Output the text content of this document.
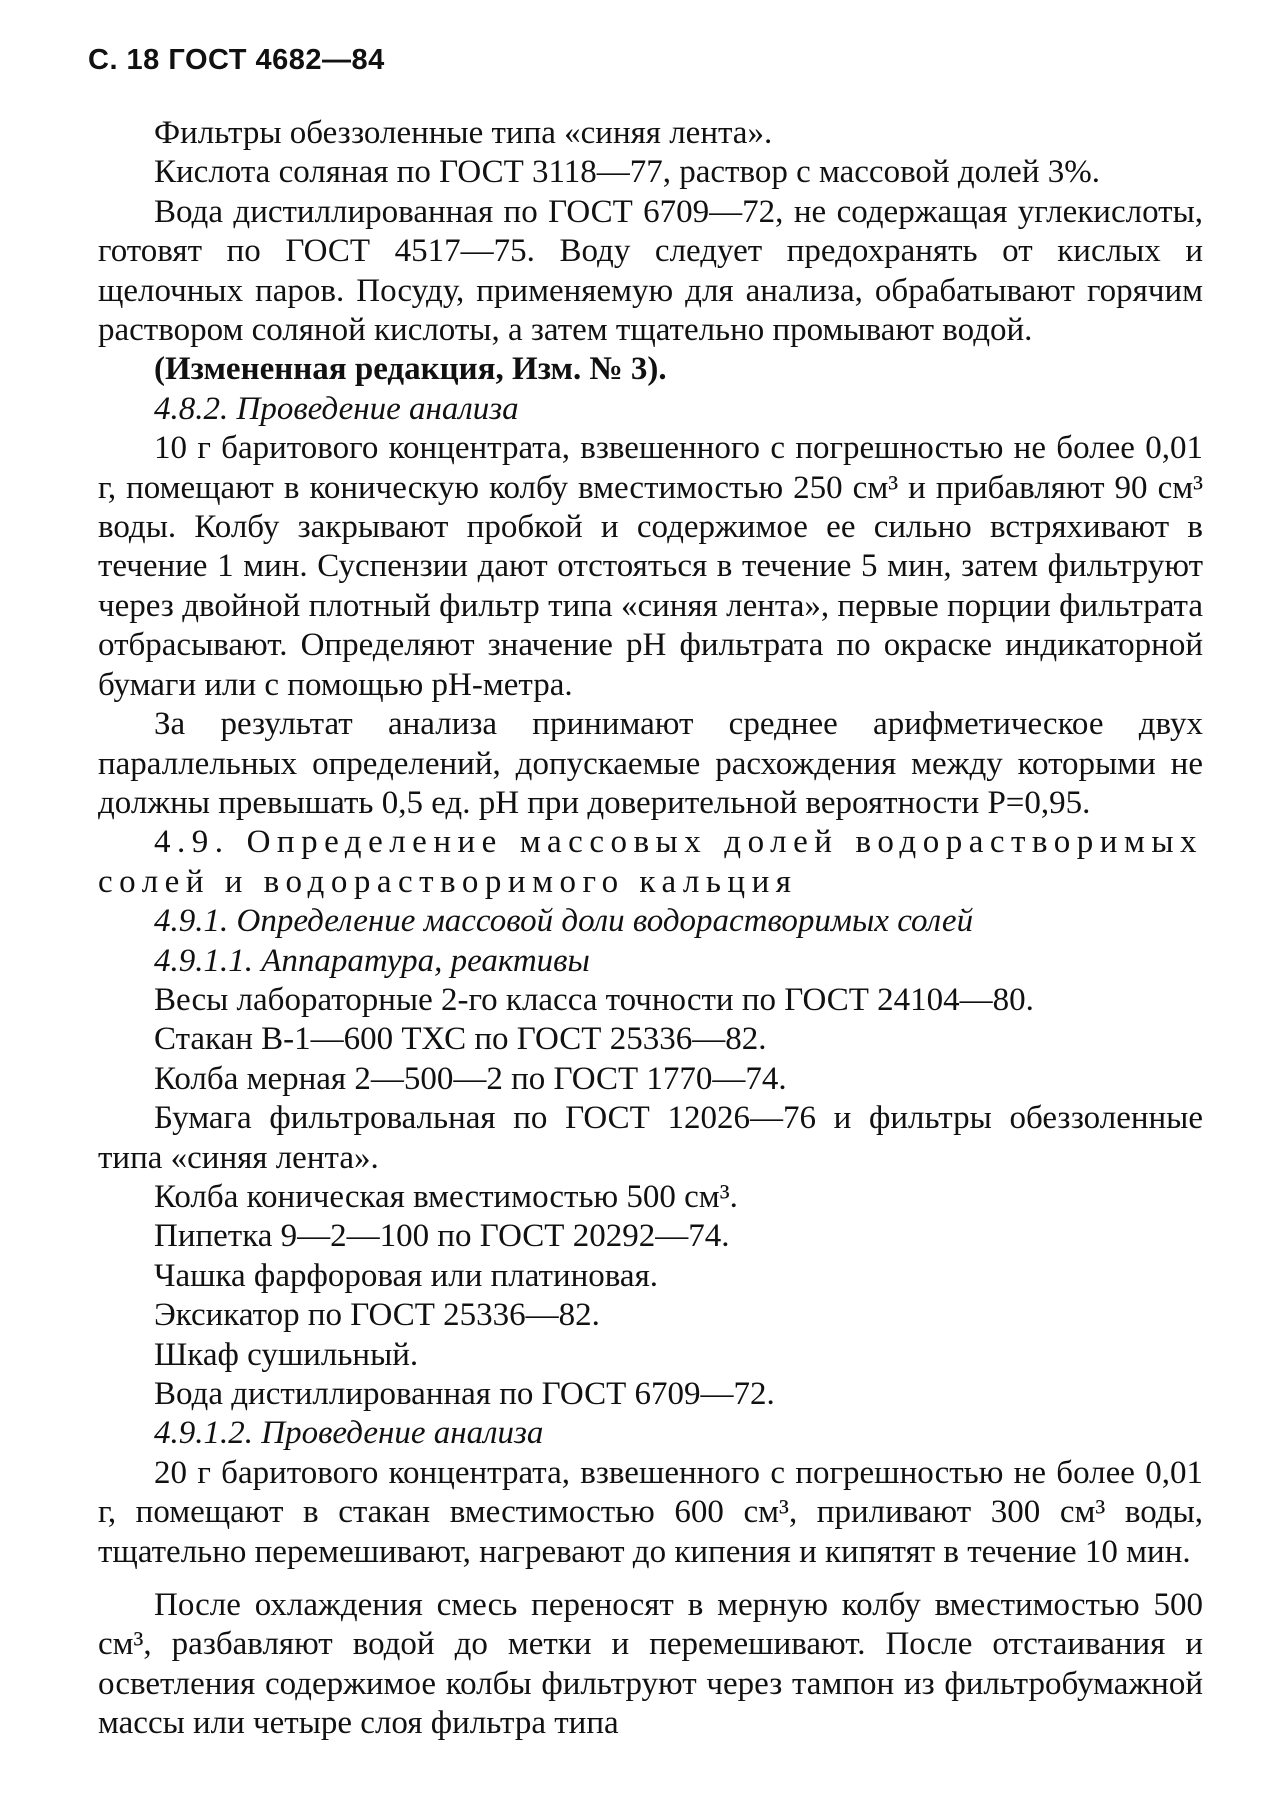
С. 18 ГОСТ 4682—84

Фильтры обеззоленные типа «синяя лента».

Кислота соляная по ГОСТ 3118—77, раствор с массовой долей 3%.

Вода дистиллированная по ГОСТ 6709—72, не содержащая углекислоты, готовят по ГОСТ 4517—75. Воду следует предохранять от кислых и щелочных паров. Посуду, применяемую для анализа, обрабатывают горячим раствором соляной кислоты, а затем тщательно промывают водой.

(Измененная редакция, Изм. № 3).

4.8.2. Проведение анализа

10 г баритового концентрата, взвешенного с погрешностью не более 0,01 г, помещают в коническую колбу вместимостью 250 см³ и прибавляют 90 см³ воды. Колбу закрывают пробкой и содержимое ее сильно встряхивают в течение 1 мин. Суспензии дают отстояться в течение 5 мин, затем фильтруют через двойной плотный фильтр типа «синяя лента», первые порции фильтрата отбрасывают. Определяют значение pH фильтрата по окраске индикаторной бумаги или с помощью pH-метра.

За результат анализа принимают среднее арифметическое двух параллельных определений, допускаемые расхождения между которыми не должны превышать 0,5 ед. pH при доверительной вероятности P=0,95.

4.9. Определение массовых долей водорастворимых солей и водорастворимого кальция

4.9.1. Определение массовой доли водорастворимых солей

4.9.1.1. Аппаратура, реактивы

Весы лабораторные 2-го класса точности по ГОСТ 24104—80.

Стакан В-1—600 ТХС по ГОСТ 25336—82.

Колба мерная 2—500—2 по ГОСТ 1770—74.

Бумага фильтровальная по ГОСТ 12026—76 и фильтры обеззоленные типа «синяя лента».

Колба коническая вместимостью 500 см³.

Пипетка 9—2—100 по ГОСТ 20292—74.

Чашка фарфоровая или платиновая.

Эксикатор по ГОСТ 25336—82.

Шкаф сушильный.

Вода дистиллированная по ГОСТ 6709—72.

4.9.1.2. Проведение анализа

20 г баритового концентрата, взвешенного с погрешностью не более 0,01 г, помещают в стакан вместимостью 600 см³, приливают 300 см³ воды, тщательно перемешивают, нагревают до кипения и кипятят в течение 10 мин.

После охлаждения смесь переносят в мерную колбу вместимостью 500 см³, разбавляют водой до метки и перемешивают. После отстаивания и осветления содержимое колбы фильтруют через тампон из фильтробумажной массы или четыре слоя фильтра типа
